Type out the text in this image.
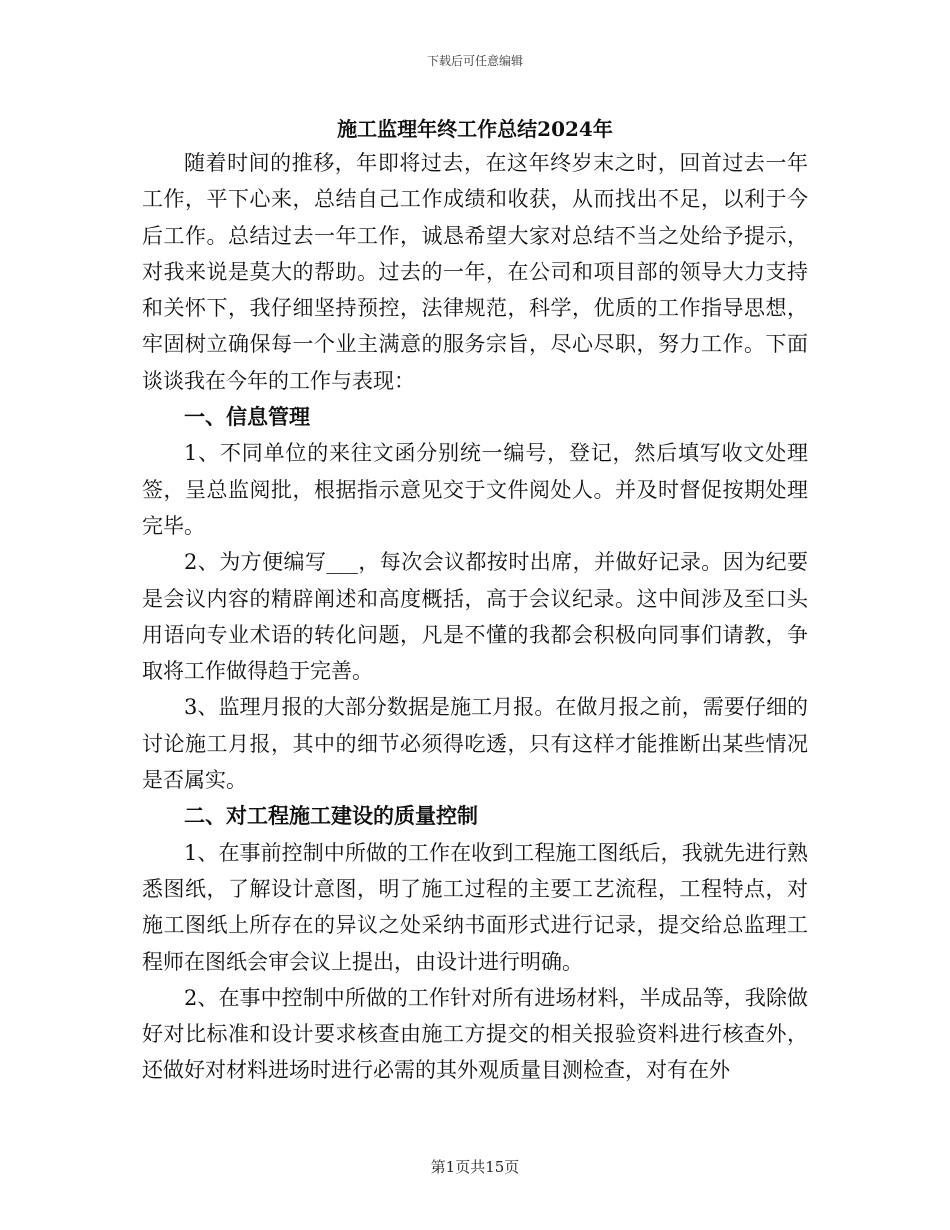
下载后可任意编辑
施工监理年终工作总结2024年

随着时间的推移，年即将过去，在这年终岁末之时，回首过去一年工作，平下心来，总结自己工作成绩和收获，从而找出不足，以利于今后工作。总结过去一年工作，诚恳希望大家对总结不当之处给予提示，对我来说是莫大的帮助。过去的一年，在公司和项目部的领导大力支持和关怀下，我仔细坚持预控，法律规范，科学，优质的工作指导思想，牢固树立确保每一个业主满意的服务宗旨，尽心尽职，努力工作。下面谈谈我在今年的工作与表现：

一、信息管理

1、不同单位的来往文函分别统一编号，登记，然后填写收文处理签，呈总监阅批，根据指示意见交于文件阅处人。并及时督促按期处理完毕。

2、为方便编写___，每次会议都按时出席，并做好记录。因为纪要是会议内容的精辟阐述和高度概括，高于会议纪录。这中间涉及至口头用语向专业术语的转化问题，凡是不懂的我都会积极向同事们请教，争取将工作做得趋于完善。

3、监理月报的大部分数据是施工月报。在做月报之前，需要仔细的讨论施工月报，其中的细节必须得吃透，只有这样才能推断出某些情况是否属实。

二、对工程施工建设的质量控制

1、在事前控制中所做的工作在收到工程施工图纸后，我就先进行熟悉图纸，了解设计意图，明了施工过程的主要工艺流程，工程特点，对施工图纸上所存在的异议之处采纳书面形式进行记录，提交给总监理工程师在图纸会审会议上提出，由设计进行明确。

2、在事中控制中所做的工作针对所有进场材料，半成品等，我除做好对比标准和设计要求核查由施工方提交的相关报验资料进行核查外，还做好对材料进场时进行必需的其外观质量目测检查，对有在外

第1页共15页
